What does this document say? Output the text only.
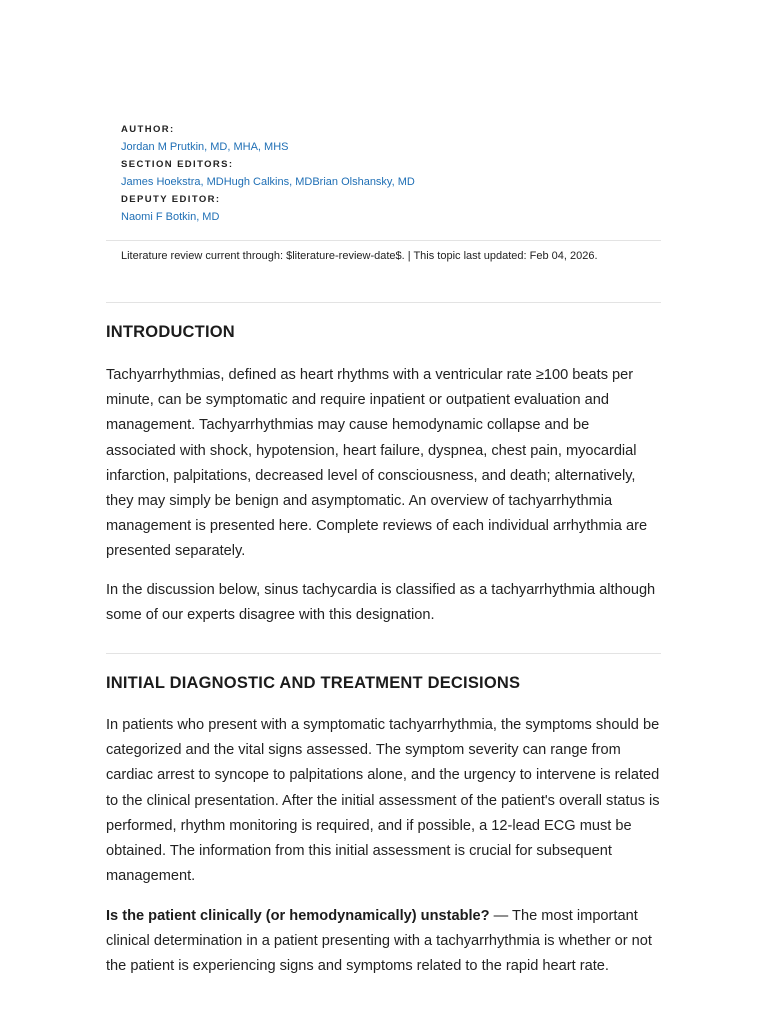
AUTHOR:
Jordan M Prutkin, MD, MHA, MHS
SECTION EDITORS:
James Hoekstra, MDHugh Calkins, MDBrian Olshansky, MD
DEPUTY EDITOR:
Naomi F Botkin, MD
Literature review current through: $literature-review-date$. | This topic last updated: Feb 04, 2026.
INTRODUCTION

Tachyarrhythmias, defined as heart rhythms with a ventricular rate ≥100 beats per minute, can be symptomatic and require inpatient or outpatient evaluation and management. Tachyarrhythmias may cause hemodynamic collapse and be associated with shock, hypotension, heart failure, dyspnea, chest pain, myocardial infarction, palpitations, decreased level of consciousness, and death; alternatively, they may simply be benign and asymptomatic. An overview of tachyarrhythmia management is presented here. Complete reviews of each individual arrhythmia are presented separately.

In the discussion below, sinus tachycardia is classified as a tachyarrhythmia although some of our experts disagree with this designation.

INITIAL DIAGNOSTIC AND TREATMENT DECISIONS

In patients who present with a symptomatic tachyarrhythmia, the symptoms should be categorized and the vital signs assessed. The symptom severity can range from cardiac arrest to syncope to palpitations alone, and the urgency to intervene is related to the clinical presentation. After the initial assessment of the patient's overall status is performed, rhythm monitoring is required, and if possible, a 12-lead ECG must be obtained. The information from this initial assessment is crucial for subsequent management.

Is the patient clinically (or hemodynamically) unstable? — The most important clinical determination in a patient presenting with a tachyarrhythmia is whether or not the patient is experiencing signs and symptoms related to the rapid heart rate.
